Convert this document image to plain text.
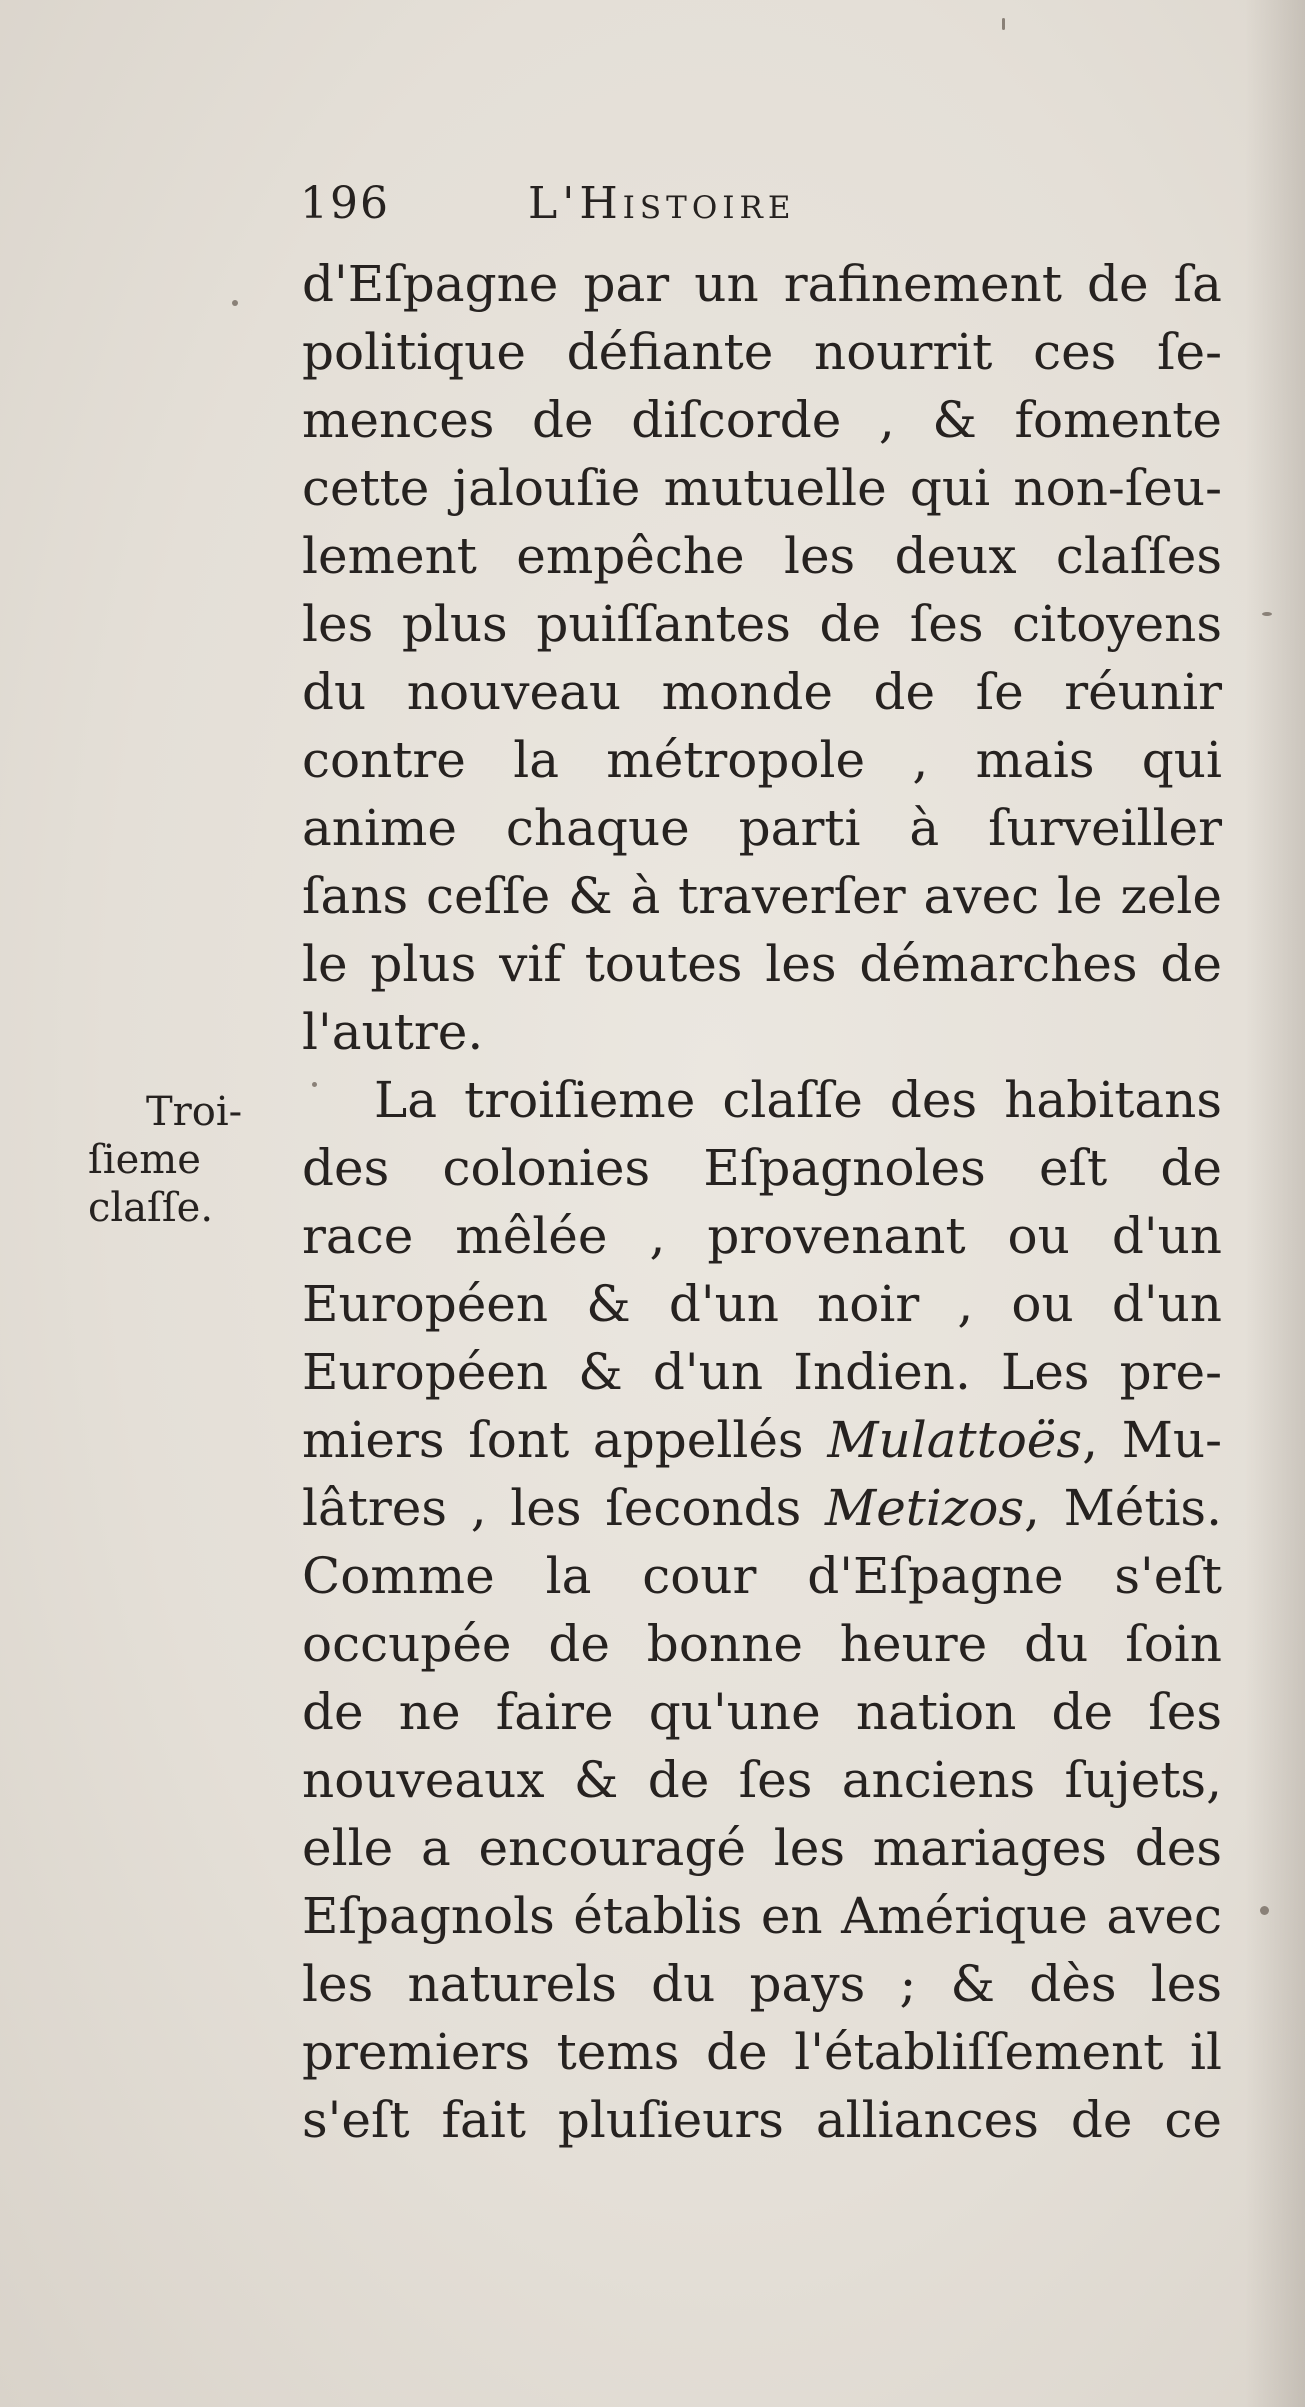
196	L'Histoire
Troi-
ſieme
claſſe.
d'Eſpagne par un rafinement de ſa
politique défiante nourrit ces ſe-
mences de diſcorde , & fomente
cette jalouſie mutuelle qui non-ſeu-
lement empêche les deux claſſes
les plus puiſſantes de ſes citoyens
du nouveau monde de ſe réunir
contre la métropole , mais qui
anime chaque parti à ſurveiller
ſans ceſſe & à traverſer avec le zele
le plus vif toutes les démarches de
l'autre.
La troiſieme claſſe des habitans
des colonies Eſpagnoles eſt de
race mêlée , provenant ou d'un
Européen & d'un noir , ou d'un
Européen & d'un Indien. Les pre-
miers ſont appellés Mulattoës, Mu-
lâtres , les ſeconds Metizos, Métis.
Comme la cour d'Eſpagne s'eſt
occupée de bonne heure du ſoin
de ne faire qu'une nation de ſes
nouveaux & de ſes anciens ſujets,
elle a encouragé les mariages des
Eſpagnols établis en Amérique avec
les naturels du pays ; & dès les
premiers tems de l'établiſſement il
s'eſt fait pluſieurs alliances de ce
